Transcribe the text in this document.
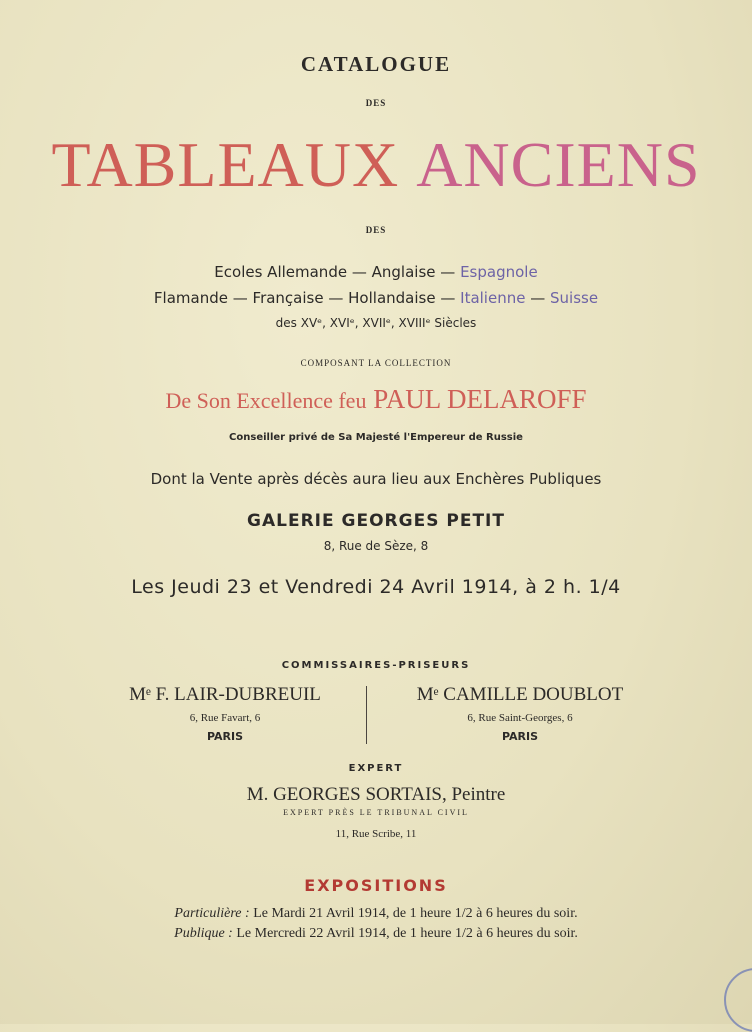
CATALOGUE
DES
TABLEAUX ANCIENS
DES
Ecoles Allemande — Anglaise — Espagnole
Flamande — Française — Hollandaise — Italienne — Suisse
des XVᵉ, XVIᵉ, XVIIᵉ, XVIIIᵉ Siècles
COMPOSANT LA COLLECTION
De Son Excellence feu PAUL DELAROFF
Conseiller privé de Sa Majesté l'Empereur de Russie
Dont la Vente après décès aura lieu aux Enchères Publiques
GALERIE GEORGES PETIT
8, Rue de Sèze, 8
Les Jeudi 23 et Vendredi 24 Avril 1914, à 2 h. 1/4
COMMISSAIRES-PRISEURS
Mᵉ F. LAIR-DUBREUIL
6, Rue Favart, 6
PARIS
Mᵉ CAMILLE DOUBLOT
6, Rue Saint-Georges, 6
PARIS
EXPERT
M. GEORGES SORTAIS, Peintre
EXPERT PRÈS LE TRIBUNAL CIVIL
11, Rue Scribe, 11
EXPOSITIONS
Particulière : Le Mardi 21 Avril 1914, de 1 heure 1/2 à 6 heures du soir.
Publique : Le Mercredi 22 Avril 1914, de 1 heure 1/2 à 6 heures du soir.
